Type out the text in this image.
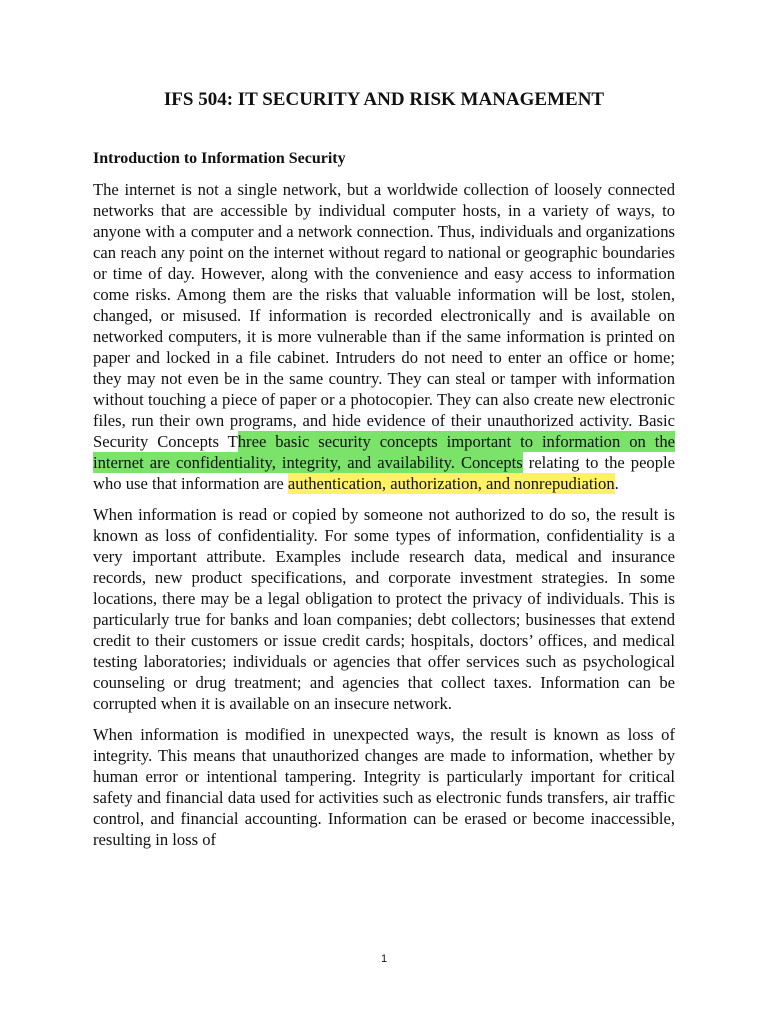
IFS 504: IT SECURITY AND RISK MANAGEMENT
Introduction to Information Security

The internet is not a single network, but a worldwide collection of loosely connected networks that are accessible by individual computer hosts, in a variety of ways, to anyone with a computer and a network connection. Thus, individuals and organizations can reach any point on the internet without regard to national or geographic boundaries or time of day. However, along with the convenience and easy access to information come risks. Among them are the risks that valuable information will be lost, stolen, changed, or misused. If information is recorded electronically and is available on networked computers, it is more vulnerable than if the same information is printed on paper and locked in a file cabinet. Intruders do not need to enter an office or home; they may not even be in the same country. They can steal or tamper with information without touching a piece of paper or a photocopier. They can also create new electronic files, run their own programs, and hide evidence of their unauthorized activity. Basic Security Concepts Three basic security concepts important to information on the internet are confidentiality, integrity, and availability. Concepts relating to the people who use that information are authentication, authorization, and nonrepudiation.

When information is read or copied by someone not authorized to do so, the result is known as loss of confidentiality. For some types of information, confidentiality is a very important attribute. Examples include research data, medical and insurance records, new product specifications, and corporate investment strategies. In some locations, there may be a legal obligation to protect the privacy of individuals. This is particularly true for banks and loan companies; debt collectors; businesses that extend credit to their customers or issue credit cards; hospitals, doctors’ offices, and medical testing laboratories; individuals or agencies that offer services such as psychological counseling or drug treatment; and agencies that collect taxes. Information can be corrupted when it is available on an insecure network.

When information is modified in unexpected ways, the result is known as loss of integrity. This means that unauthorized changes are made to information, whether by human error or intentional tampering. Integrity is particularly important for critical safety and financial data used for activities such as electronic funds transfers, air traffic control, and financial accounting. Information can be erased or become inaccessible, resulting in loss of

1
